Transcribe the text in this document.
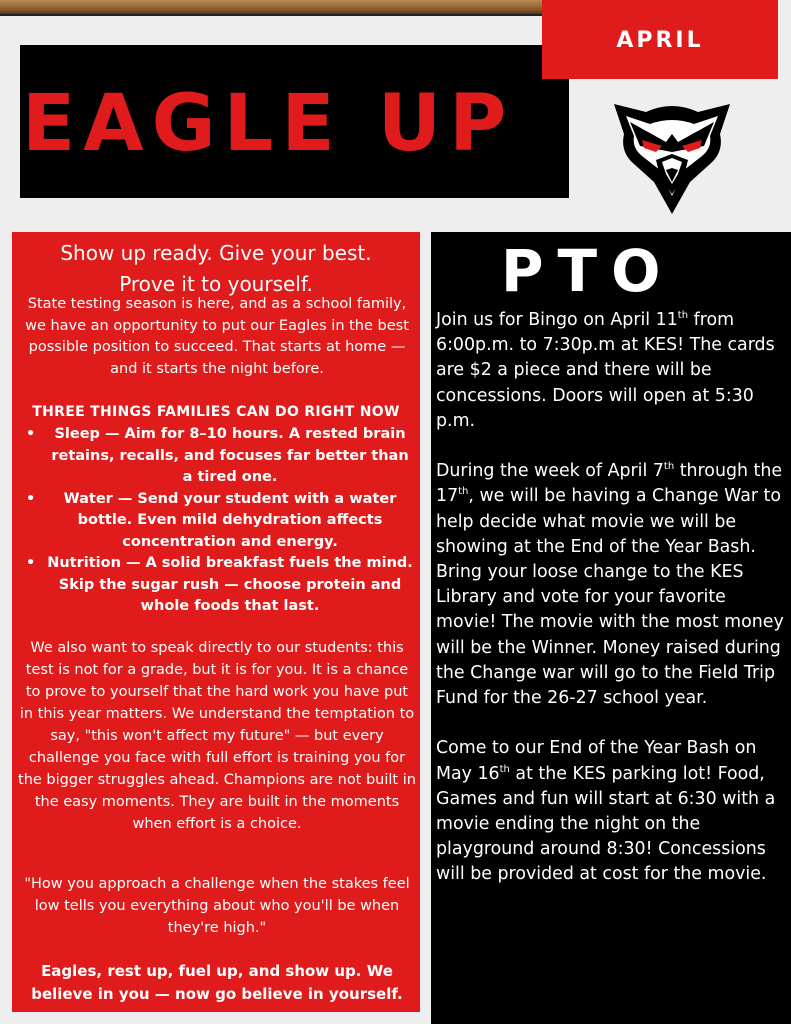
EAGLE UP
APRIL
Show up ready. Give your best.
Prove it to yourself.
State testing season is here, and as a school family, we have an opportunity to put our Eagles in the best possible position to succeed. That starts at home — and it starts the night before.
THREE THINGS FAMILIES CAN DO RIGHT NOW
• Sleep — Aim for 8–10 hours. A rested brain retains, recalls, and focuses far better than a tired one.
• Water — Send your student with a water bottle. Even mild dehydration affects concentration and energy.
• Nutrition — A solid breakfast fuels the mind. Skip the sugar rush — choose protein and whole foods that last.
We also want to speak directly to our students: this test is not for a grade, but it is for you. It is a chance to prove to yourself that the hard work you have put in this year matters. We understand the temptation to say, "this won't affect my future" — but every challenge you face with full effort is training you for the bigger struggles ahead. Champions are not built in the easy moments. They are built in the moments when effort is a choice.
"How you approach a challenge when the stakes feel low tells you everything about who you'll be when they're high."
Eagles, rest up, fuel up, and show up. We believe in you — now go believe in yourself.
PTO

Join us for Bingo on April 11th from 6:00p.m. to 7:30p.m at KES! The cards are $2 a piece and there will be concessions. Doors will open at 5:30 p.m.

During the week of April 7th through the 17th, we will be having a Change War to help decide what movie we will be showing at the End of the Year Bash. Bring your loose change to the KES Library and vote for your favorite movie! The movie with the most money will be the Winner. Money raised during the Change war will go to the Field Trip Fund for the 26-27 school year.

Come to our End of the Year Bash on May 16th at the KES parking lot! Food, Games and fun will start at 6:30 with a movie ending the night on the playground around 8:30! Concessions will be provided at cost for the movie.
